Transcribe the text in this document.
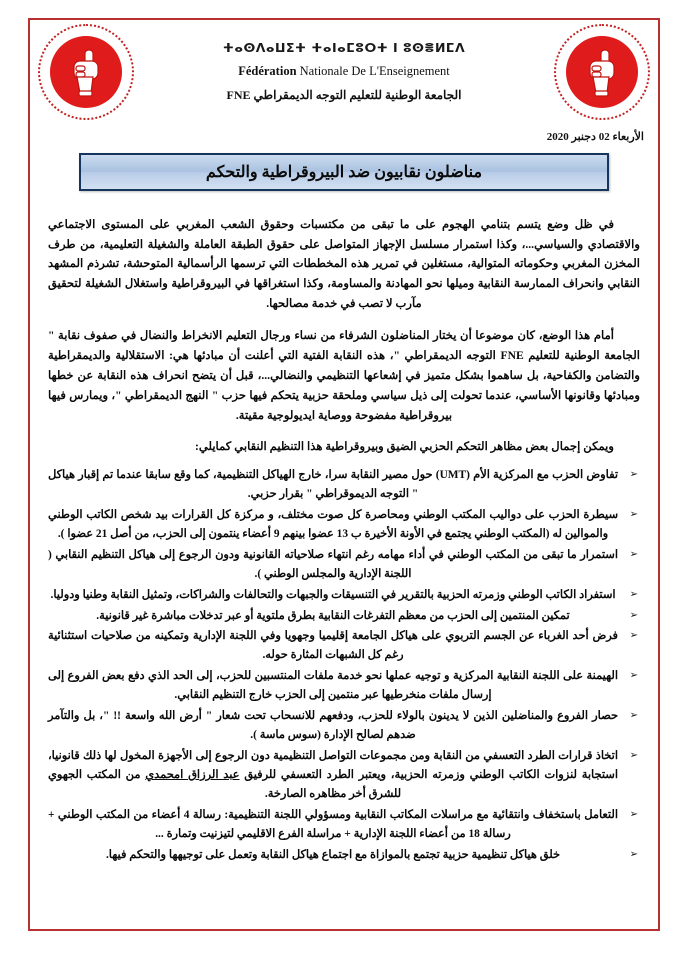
ⵜⴰⵙⴷⴰⵡⵉⵜ ⵜⴰⵏⴰⵎⵓⵔⵜ ⵏ ⵓⵙⴻⵍⵎⴷ
Fédération Nationale De L'Enseignement
الجامعة الوطنية للتعليم التوجه الديمقراطي FNE
الأربعاء 02 دجنبر 2020
مناضلون نقابيون ضد البيروقراطية والتحكم

في ظل وضع يتسم بتنامي الهجوم على ما تبقى من مكتسبات وحقوق الشعب المغربي على المستوى الاجتماعي والاقتصادي والسياسي...، وكذا استمرار مسلسل الإجهاز المتواصل على حقوق الطبقة العاملة والشغيلة التعليمية، من طرف المخزن المغربي وحكوماته المتوالية، مستغلين في تمرير هذه المخططات التي ترسمها الرأسمالية المتوحشة، تشرذم المشهد النقابي وانحراف الممارسة النقابية وميلها نحو المهادنة والمساومة، وكذا استغراقها في البيروقراطية واستغلال الشغيلة لتحقيق مآرب لا تصب في خدمة مصالحها.

أمام هذا الوضع، كان موضوعا أن يختار المناضلون الشرفاء من نساء ورجال التعليم الانخراط والنضال في صفوف نقابة " الجامعة الوطنية للتعليم FNE التوجه الديمقراطي "، هذه النقابة الفتية التي أعلنت أن مبادئها هي: الاستقلالية والديمقراطية والتضامن والكفاحية، بل ساهموا بشكل متميز في إشعاعها التنظيمي والنضالي...، قبل أن يتضح انحراف هذه النقابة عن خطها ومبادئها وقانونها الأساسي، عندما تحولت إلى ذيل سياسي وملحقة حزبية يتحكم فيها حزب " النهج الديمقراطي "، ويمارس فيها بيروقراطية مفضوحة ووصاية ايديولوجية مقيتة.

ويمكن إجمال بعض مظاهر التحكم الحزبي الضيق وبيروقراطية هذا التنظيم النقابي كمايلي:

➢
تفاوض الحزب مع المركزية الأم (UMT) حول مصير النقابة سرا، خارج الهياكل التنظيمية، كما وقع سابقا عندما تم إقبار هياكل " التوجه الديموقراطي " بقرار حزبي.
➢
سيطرة الحزب على دواليب المكتب الوطني ومحاصرة كل صوت مختلف، و مركزة كل القرارات بيد شخص الكاتب الوطني والموالين له (المكتب الوطني يجتمع في الأونة الأخيرة ب 13 عضوا بينهم 9 أعضاء ينتمون إلى الحزب، من أصل 21 عضوا ).
➢
استمرار ما تبقى من المكتب الوطني في أداء مهامه رغم انتهاء صلاحياته القانونية ودون الرجوع إلى هياكل التنظيم النقابي ( اللجنة الإدارية والمجلس الوطني ).
➢
استفراد الكاتب الوطني وزمرته الحزبية بالتقرير في التنسيقات والجبهات والتحالفات والشراكات، وتمثيل النقابة وطنيا ودوليا.
➢
تمكين المنتمين إلى الحزب من معظم التفرغات النقابية بطرق ملتوية أو عبر تدخلات مباشرة غير قانونية.
➢
فرض أحد الغرباء عن الجسم التربوي على هياكل الجامعة إقليميا وجهويا وفي اللجنة الإدارية وتمكينه من صلاحيات استثنائية رغم كل الشبهات المثارة حوله.
➢
الهيمنة على اللجنة النقابية المركزية و توجيه عملها نحو خدمة ملفات المنتسبين للحزب، إلى الحد الذي دفع بعض الفروع إلى إرسال ملفات منخرطيها عبر منتمين إلى الحزب خارج التنظيم النقابي.
➢
حصار الفروع والمناضلين الذين لا يدينون بالولاء للحزب، ودفعهم للانسحاب تحت شعار " أرض الله واسعة !! "، بل والتآمر ضدهم لصالح الإدارة (سوس ماسة ).
➢
اتخاذ قرارات الطرد التعسفي من النقابة ومن مجموعات التواصل التنظيمية دون الرجوع إلى الأجهزة المخول لها ذلك قانونيا، استجابة لنزوات الكاتب الوطني وزمرته الحزبية، ويعتبر الطرد التعسفي للرفيق عبد الرزاق امحمدي من المكتب الجهوي للشرق أخر مظاهره الصارخة.
➢
التعامل باستخفاف وانتقائية مع مراسلات المكاتب النقابية ومسؤولي اللجنة التنظيمية: رسالة 4 أعضاء من المكتب الوطني + رسالة 18 من أعضاء اللجنة الإدارية + مراسلة الفرع الاقليمي لتيزنيت وتمارة ...
➢
خلق هياكل تنظيمية حزبية تجتمع بالموازاة مع اجتماع هياكل النقابة وتعمل على توجيهها والتحكم فيها.
